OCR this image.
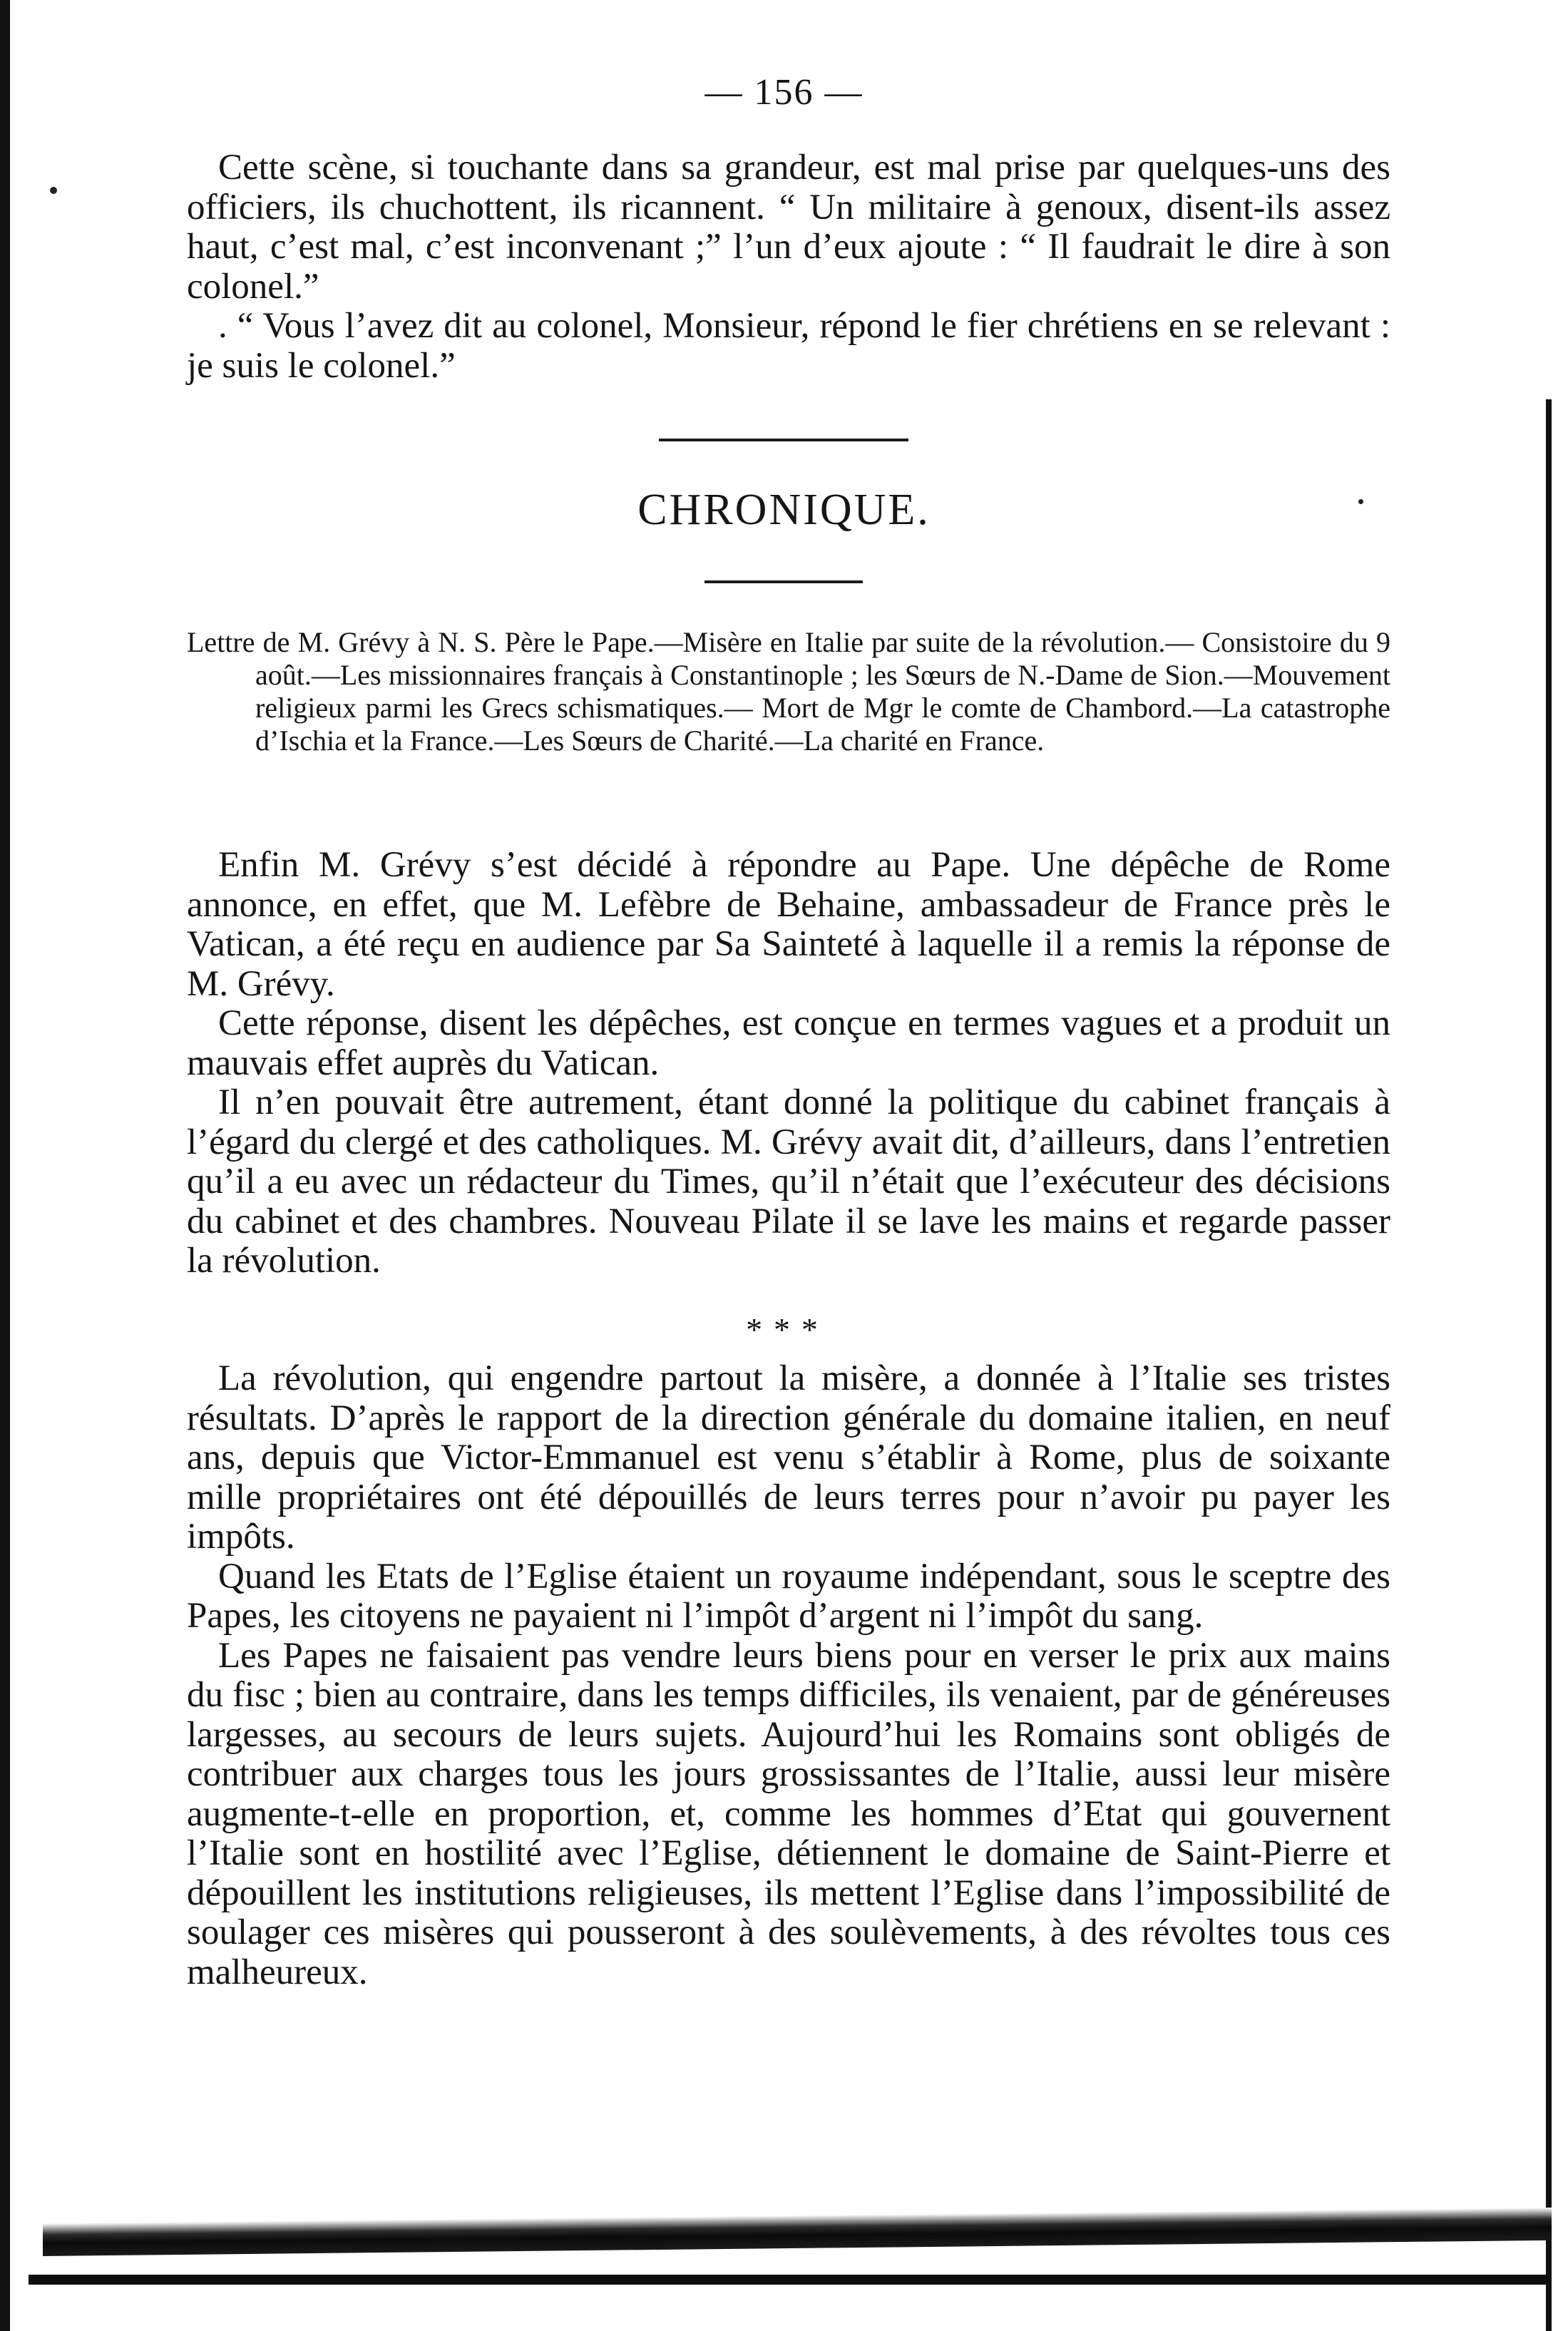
— 156 —

Cette scène, si touchante dans sa grandeur, est mal prise par quelques-uns des officiers, ils chuchottent, ils ricannent. “ Un militaire à genoux, disent-ils assez haut, c’est mal, c’est inconvenant ;” l’un d’eux ajoute : “ Il faudrait le dire à son colonel.”

. “ Vous l’avez dit au colonel, Monsieur, répond le fier chrétiens en se relevant : je suis le colonel.”

CHRONIQUE.
Lettre de M. Grévy à N. S. Père le Pape.—Misère en Italie par suite de la révolution.— Consistoire du 9 août.—Les missionnaires français à Constantinople ; les Sœurs de N.-Dame de Sion.—Mouvement religieux parmi les Grecs schismatiques.— Mort de Mgr le comte de Chambord.—La catastrophe d’Ischia et la France.—Les Sœurs de Charité.—La charité en France.

Enfin M. Grévy s’est décidé à répondre au Pape. Une dépêche de Rome annonce, en effet, que M. Lefèbre de Behaine, ambassadeur de France près le Vatican, a été reçu en audience par Sa Sainteté à laquelle il a remis la réponse de M. Grévy.

Cette réponse, disent les dépêches, est conçue en termes vagues et a produit un mauvais effet auprès du Vatican.

Il n’en pouvait être autrement, étant donné la politique du cabinet français à l’égard du clergé et des catholiques. M. Grévy avait dit, d’ailleurs, dans l’entretien qu’il a eu avec un rédacteur du Times, qu’il n’était que l’exécuteur des décisions du cabinet et des chambres. Nouveau Pilate il se lave les mains et regarde passer la révolution.

* * *

La révolution, qui engendre partout la misère, a donnée à l’Italie ses tristes résultats. D’après le rapport de la direction générale du domaine italien, en neuf ans, depuis que Victor-Emmanuel est venu s’établir à Rome, plus de soixante mille propriétaires ont été dépouillés de leurs terres pour n’avoir pu payer les impôts.

Quand les Etats de l’Eglise étaient un royaume indépendant, sous le sceptre des Papes, les citoyens ne payaient ni l’impôt d’argent ni l’impôt du sang.

Les Papes ne faisaient pas vendre leurs biens pour en verser le prix aux mains du fisc ; bien au contraire, dans les temps difficiles, ils venaient, par de généreuses largesses, au secours de leurs sujets. Aujourd’hui les Romains sont obligés de contribuer aux charges tous les jours grossissantes de l’Italie, aussi leur misère augmente-t-elle en proportion, et, comme les hommes d’Etat qui gouvernent l’Italie sont en hostilité avec l’Eglise, détiennent le domaine de Saint-Pierre et dépouillent les institutions religieuses, ils mettent l’Eglise dans l’impossibilité de soulager ces misères qui pousseront à des soulèvements, à des révoltes tous ces malheureux.
